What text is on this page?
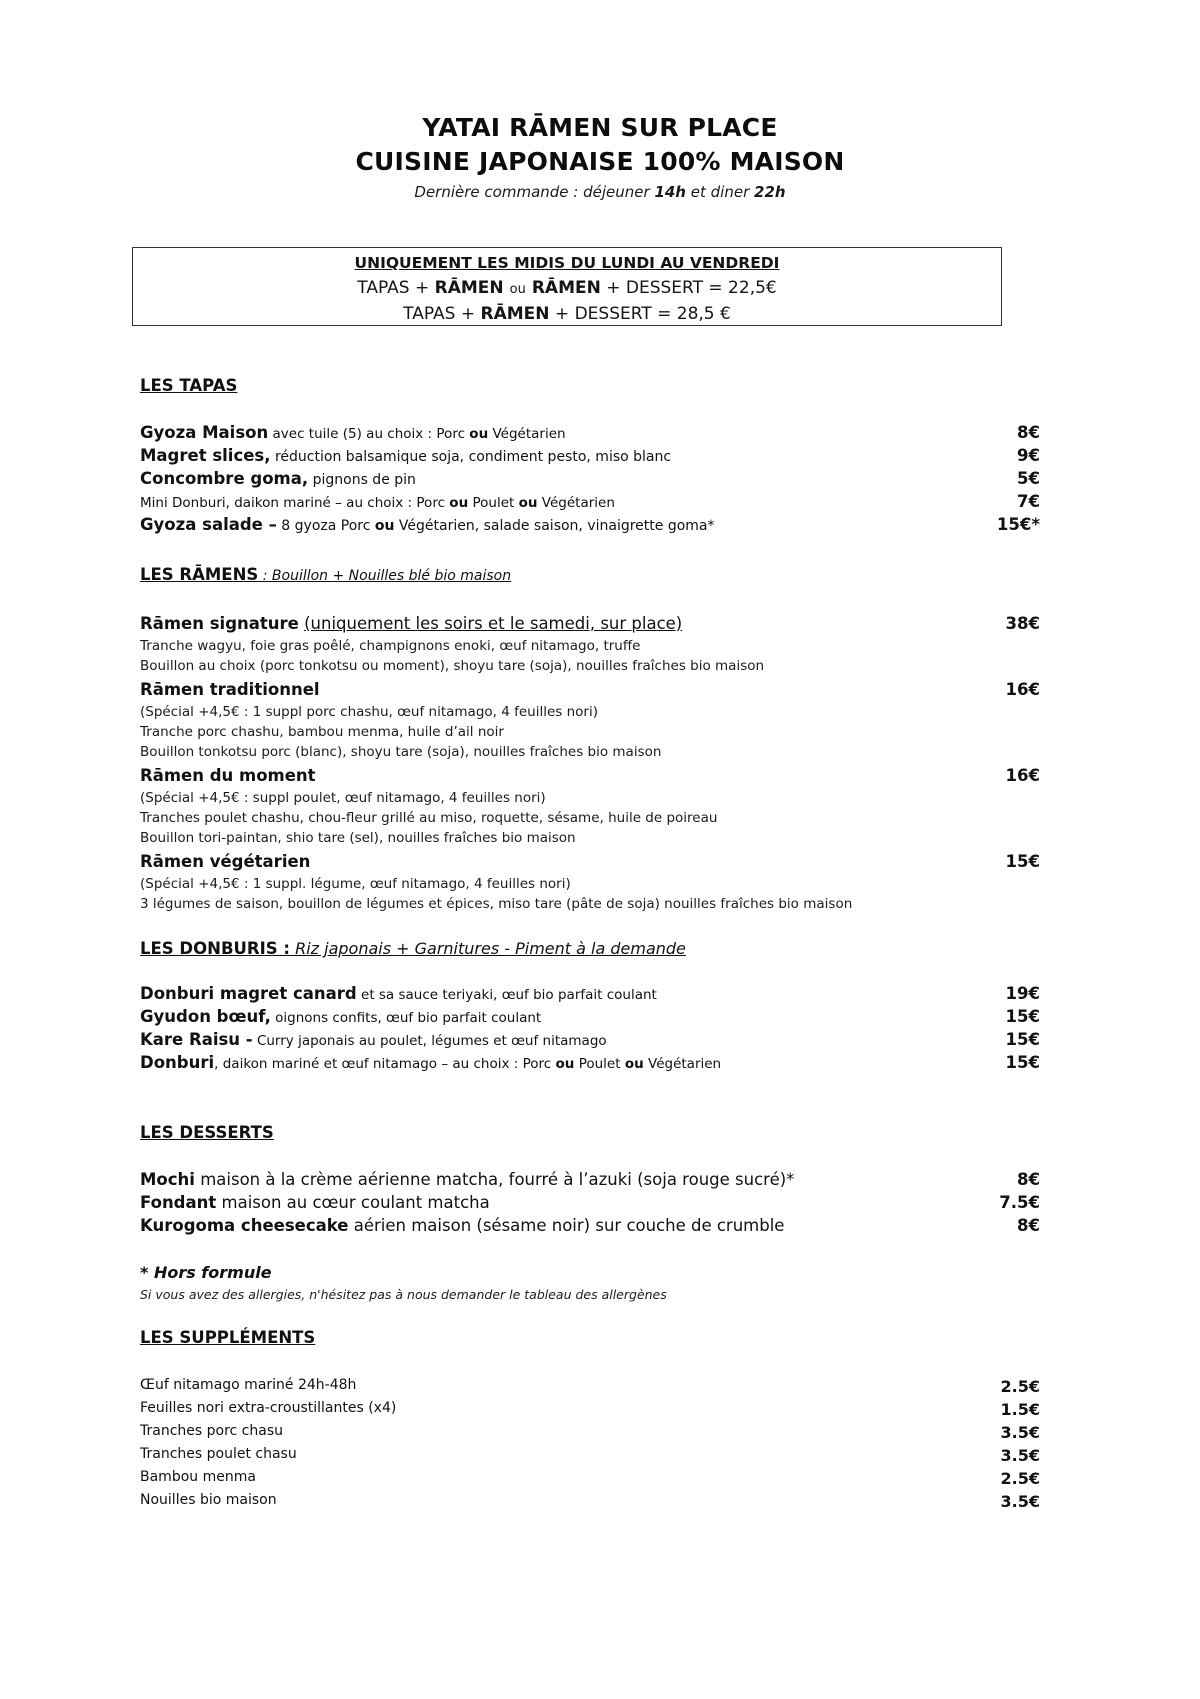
YATAI RĀMEN SUR PLACE
CUISINE JAPONAISE 100% MAISON
Dernière commande : déjeuner 14h et diner 22h
UNIQUEMENT LES MIDIS DU LUNDI AU VENDREDI
TAPAS + RĀMEN ou RĀMEN + DESSERT = 22,5€
TAPAS + RĀMEN + DESSERT = 28,5 €
LES TAPAS
Gyoza Maison avec tuile (5) au choix : Porc ou Végétarien	8€
Magret slices, réduction balsamique soja, condiment pesto, miso blanc	9€
Concombre goma, pignons de pin	5€
Mini Donburi, daikon mariné – au choix : Porc ou Poulet ou Végétarien	7€
Gyoza salade – 8 gyoza Porc ou Végétarien, salade saison, vinaigrette goma*	15€*
LES RĀMENS : Bouillon + Nouilles blé bio maison
Rāmen signature (uniquement les soirs et le samedi, sur place)	38€
Tranche wagyu, foie gras poêlé, champignons enoki, œuf nitamago, truffe
Bouillon au choix (porc tonkotsu ou moment), shoyu tare (soja), nouilles fraîches bio maison
Rāmen traditionnel	16€
(Spécial +4,5€ : 1 suppl porc chashu, œuf nitamago, 4 feuilles nori)
Tranche porc chashu, bambou menma, huile d’ail noir
Bouillon tonkotsu porc (blanc), shoyu tare (soja), nouilles fraîches bio maison
Rāmen du moment	16€
(Spécial +4,5€ : suppl poulet, œuf nitamago, 4 feuilles nori)
Tranches poulet chashu, chou-fleur grillé au miso, roquette, sésame, huile de poireau
Bouillon tori-paintan, shio tare (sel), nouilles fraîches bio maison
Rāmen végétarien	15€
(Spécial +4,5€ : 1 suppl. légume, œuf nitamago, 4 feuilles nori)
3 légumes de saison, bouillon de légumes et épices, miso tare (pâte de soja) nouilles fraîches bio maison
LES DONBURIS : Riz japonais + Garnitures - Piment à la demande
Donburi magret canard et sa sauce teriyaki, œuf bio parfait coulant	19€
Gyudon bœuf, oignons confits, œuf bio parfait coulant	15€
Kare Raisu - Curry japonais au poulet, légumes et œuf nitamago	15€
Donburi, daikon mariné et œuf nitamago – au choix : Porc ou Poulet ou Végétarien	15€
LES DESSERTS
Mochi maison à la crème aérienne matcha, fourré à l’azuki (soja rouge sucré)*	8€
Fondant maison au cœur coulant matcha	7.5€
Kurogoma cheesecake aérien maison (sésame noir) sur couche de crumble	8€
* Hors formule
Si vous avez des allergies, n'hésitez pas à nous demander le tableau des allergènes
LES SUPPLÉMENTS
Œuf nitamago mariné 24h-48h	2.5€
Feuilles nori extra-croustillantes (x4)	1.5€
Tranches porc chasu	3.5€
Tranches poulet chasu	3.5€
Bambou menma	2.5€
Nouilles bio maison	3.5€
